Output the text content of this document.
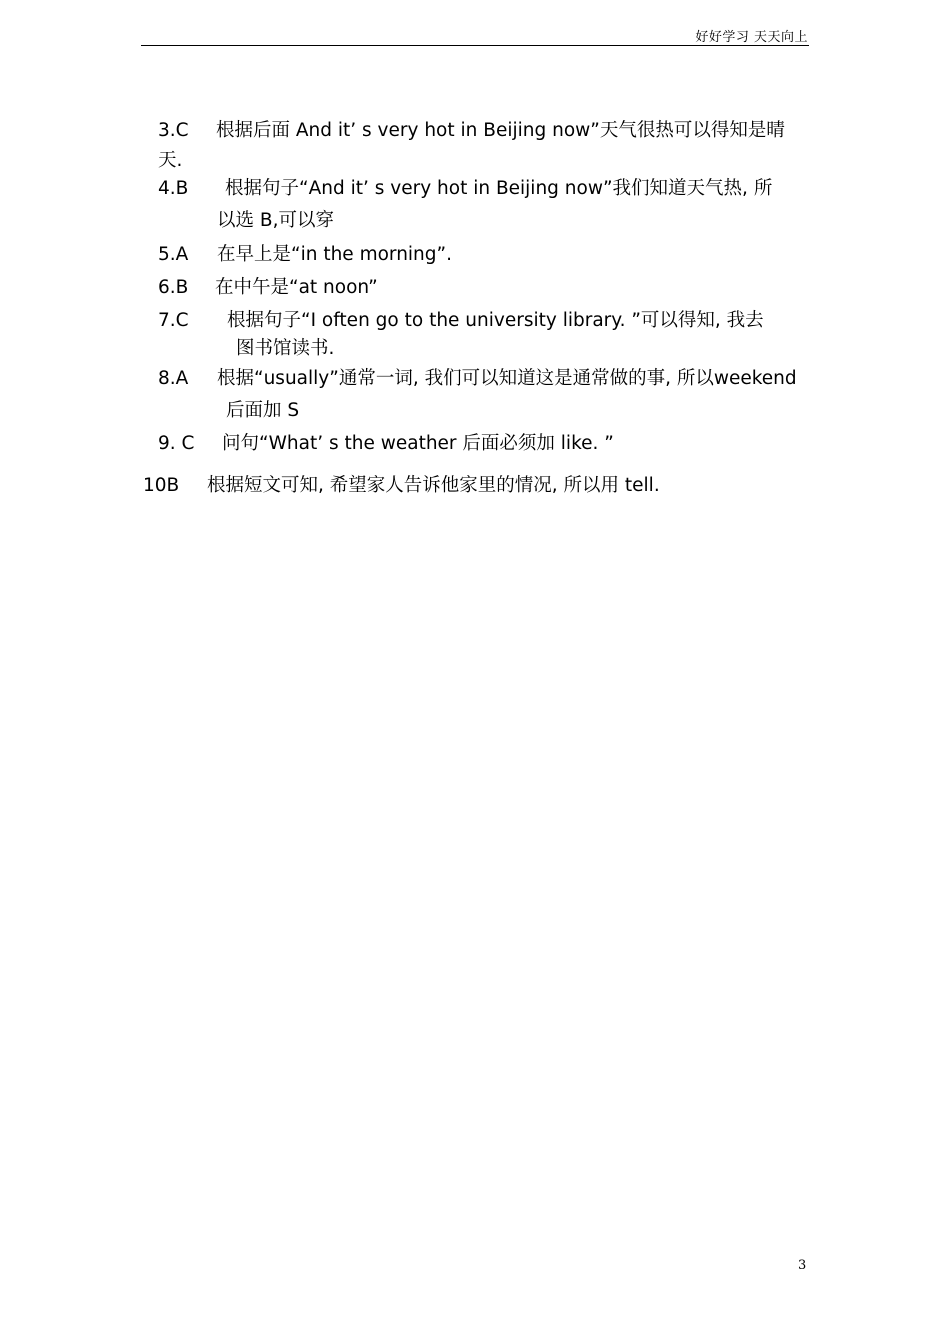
好好学习 天天向上
3.C 根据后面 And it’ s very hot in Beijing now”天气很热可以得知是晴
天.
4.B 根据句子“And it’ s very hot in Beijing now”我们知道天气热, 所
以选 B,可以穿
5.A 在早上是“in the morning”.
6.B 在中午是“at noon”
7.C 根据句子“I often go to the university library. ”可以得知, 我去
图书馆读书.
8.A 根据“usually”通常一词, 我们可以知道这是通常做的事, 所以weekend
后面加 S
9. C 问句“What’ s the weather 后面必须加 like. ”
10B 根据短文可知, 希望家人告诉他家里的情况, 所以用 tell.
3
